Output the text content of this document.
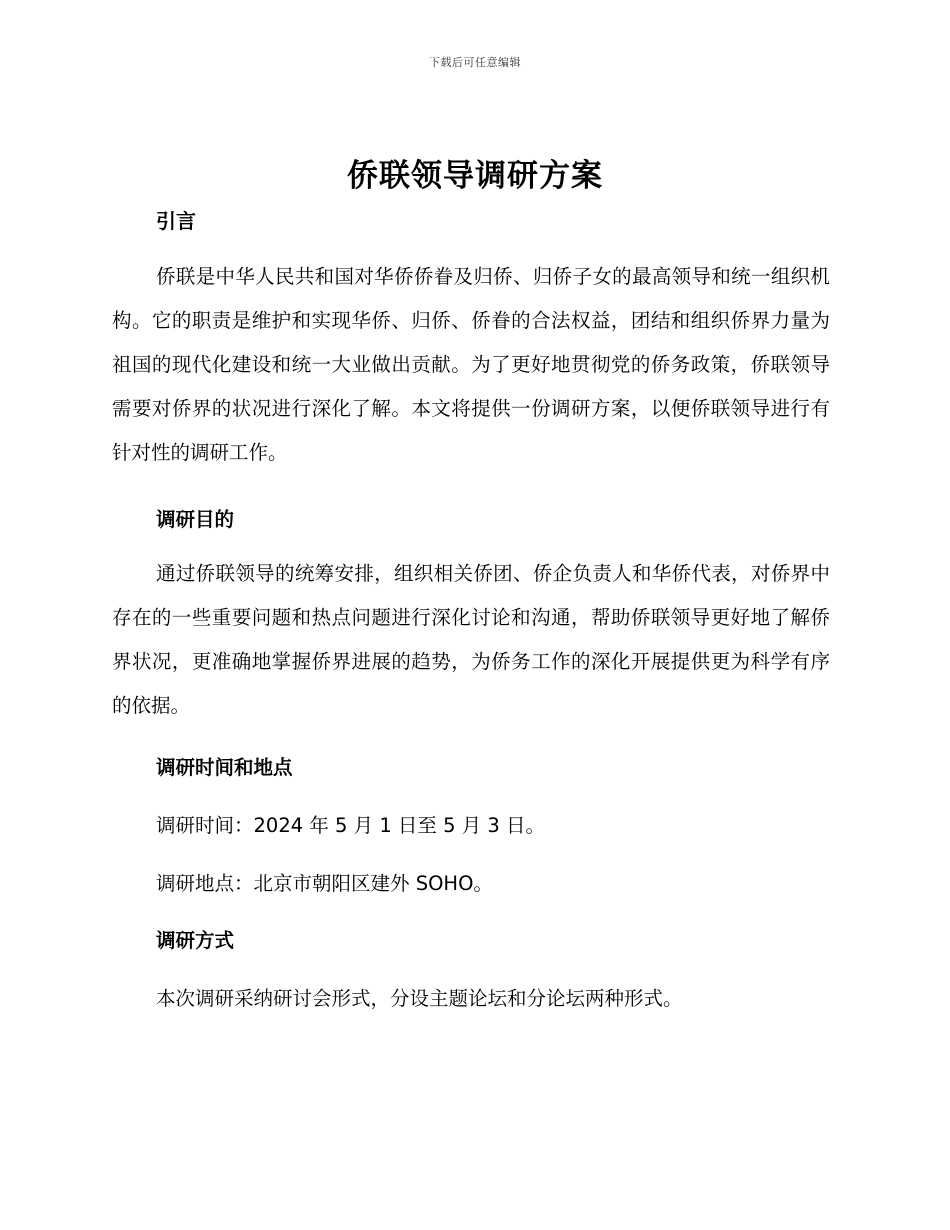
下载后可任意编辑
侨联领导调研方案
引言

侨联是中华人民共和国对华侨侨眷及归侨、归侨子女的最高领导和统一组织机构。它的职责是维护和实现华侨、归侨、侨眷的合法权益，团结和组织侨界力量为祖国的现代化建设和统一大业做出贡献。为了更好地贯彻党的侨务政策，侨联领导需要对侨界的状况进行深化了解。本文将提供一份调研方案，以便侨联领导进行有针对性的调研工作。

调研目的

通过侨联领导的统筹安排，组织相关侨团、侨企负责人和华侨代表，对侨界中存在的一些重要问题和热点问题进行深化讨论和沟通，帮助侨联领导更好地了解侨界状况，更准确地掌握侨界进展的趋势，为侨务工作的深化开展提供更为科学有序的依据。

调研时间和地点
调研时间：2024 年 5 月 1 日至 5 月 3 日。
调研地点：北京市朝阳区建外 SOHO。
调研方式
本次调研采纳研讨会形式，分设主题论坛和分论坛两种形式。
